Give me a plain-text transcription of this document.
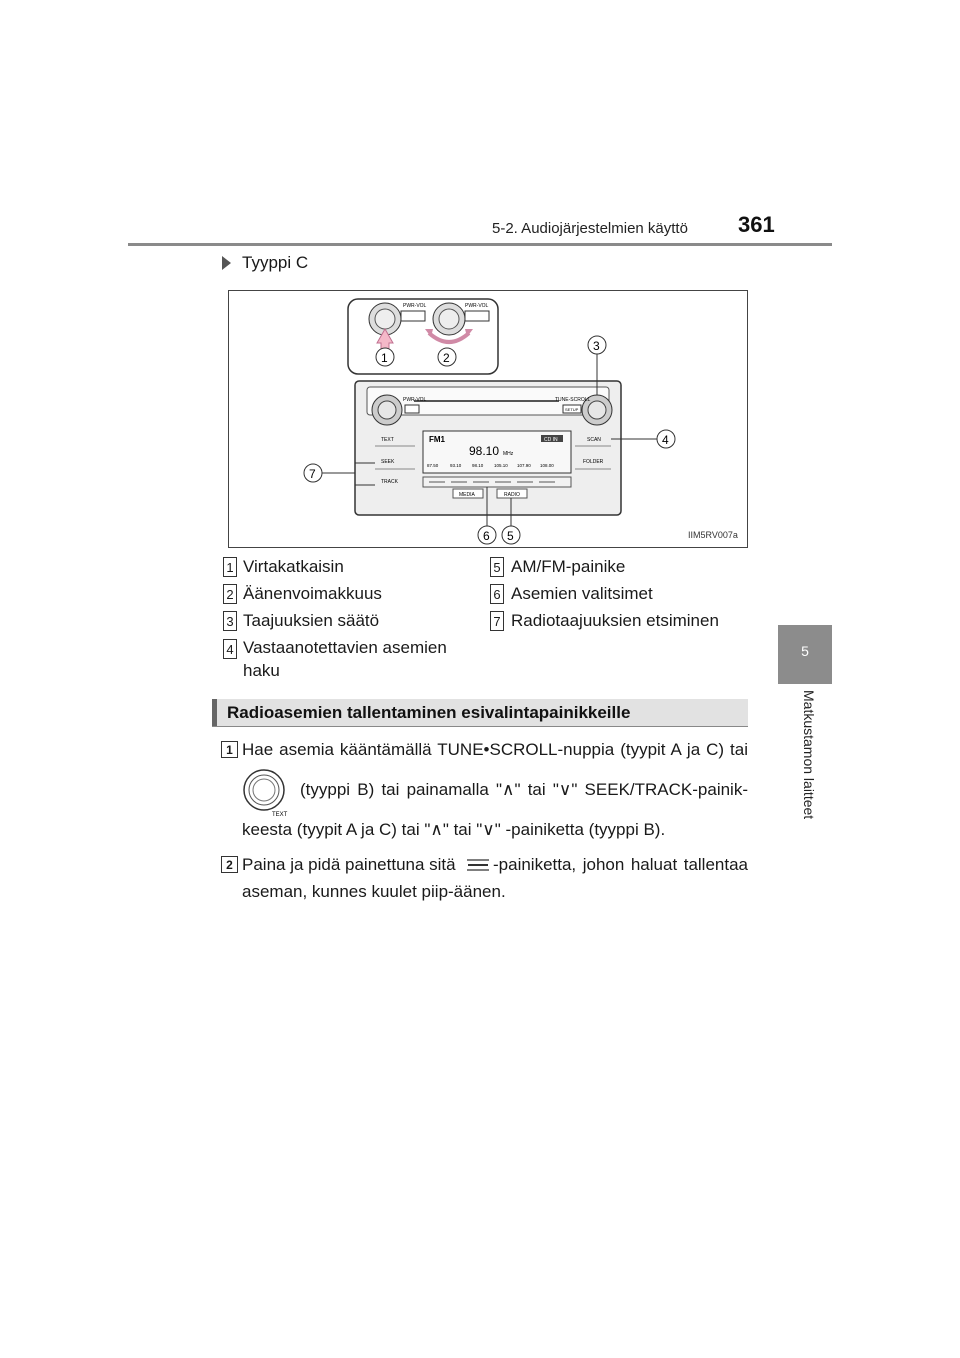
5-2. Audiojärjestelmien käyttö 361
5
Matkustamon laitteet
Tyyppi C
PWR-VOL	PWR-VOL
1	2
PWR-VOL	TUNE-SCROLL
SETUP
TEXT
SEEK
TRACK
SCAN
FOLDER
FM1
98.10 MHz
CD IN
87.50	93.10 98.10 105.10 107.90 108.00
MEDIA	RADIO
3
4
5
6
7
IIM5RV007a
1 Virtakatkaisin
2 Äänenvoimakkuus
3 Taajuuksien säätö
4 Vastaanotettavien asemien
haku
5 AM/FM-painike
6 Asemien valitsimet
7 Radiotaajuuksien etsiminen
Radioasemien tallentaminen esivalintapainikkeille
1 Hae asemia kääntämällä TUNE•SCROLL-nuppia (tyypit A ja C) tai
TEXT
(tyyppi B) tai painamalla "∧" tai "∨" SEEK/TRACK-painik-
keesta (tyypit A ja C) tai "∧" tai "∨" -painiketta (tyyppi B).
2 Paina ja pidä painettuna sitä -painiketta, johon haluat tallentaa
aseman, kunnes kuulet piip-äänen.
